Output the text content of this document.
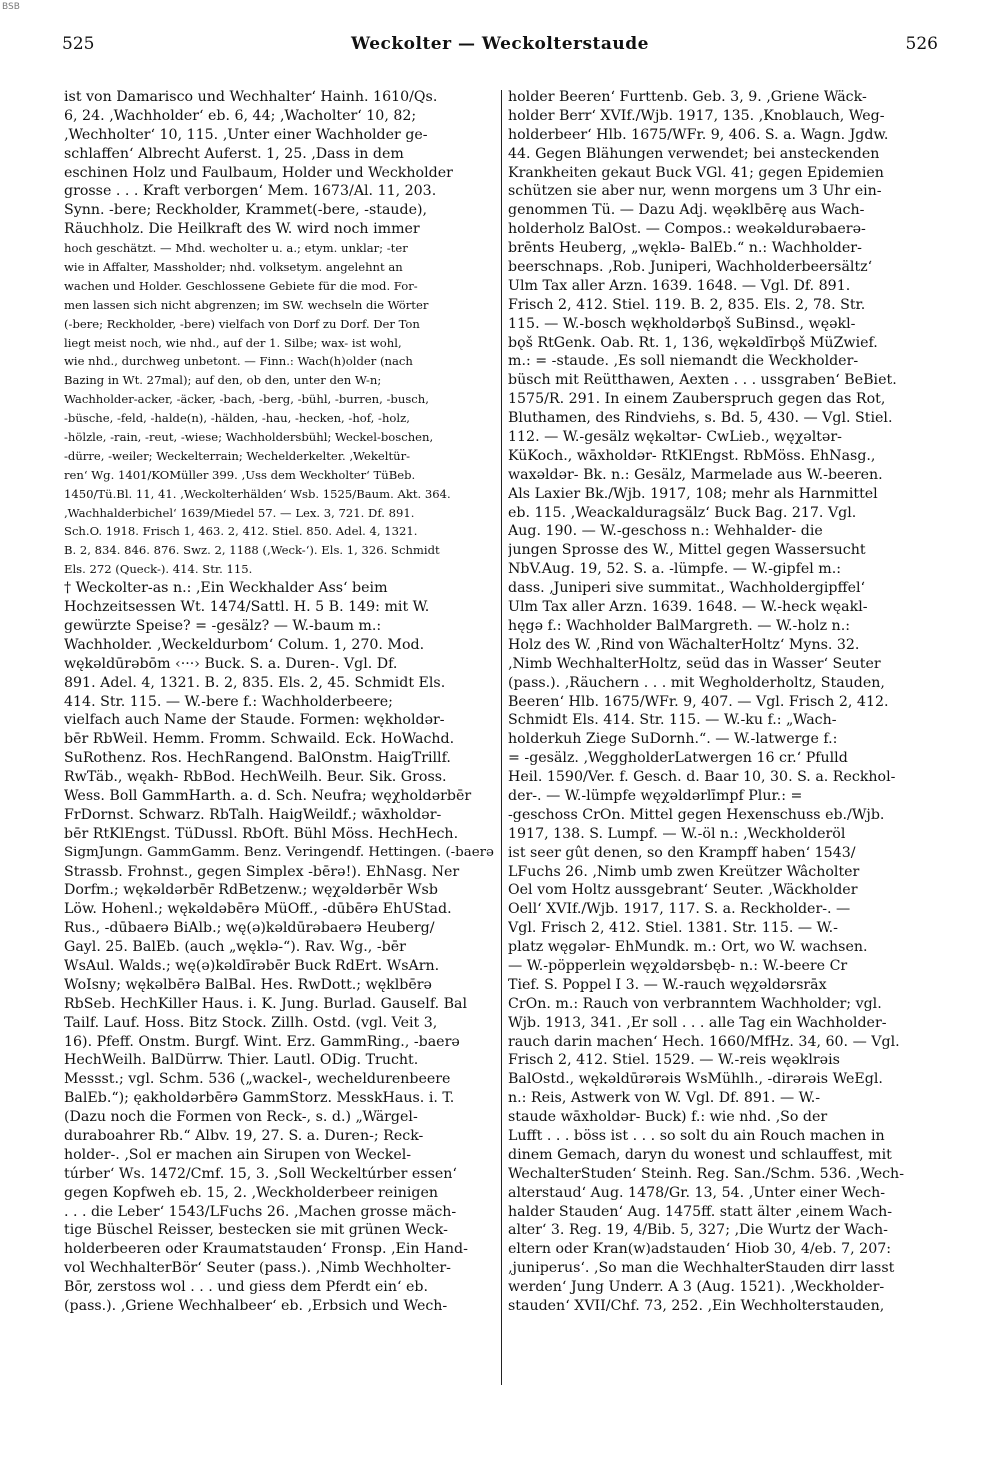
BSB
525	Weckolter — Weckolterstaude	526
ist von Damarisco und Wechhalter‘ Hainh. 1610/Qs.
6, 24. ‚Wachholder‘ eb. 6, 44; ‚Wacholter‘ 10, 82;
‚Wechholter‘ 10, 115. ‚Unter einer Wachholder ge-
schlaffen‘ Albrecht Auferst. 1, 25. ‚Dass in dem
eschinen Holz und Faulbaum, Holder und Weckholder
grosse . . . Kraft verborgen‘ Mem. 1673/Al. 11, 203.
Synn. -bere; Reckholder, Krammet(-bere, -staude),
Räuchholz. Die Heilkraft des W. wird noch immer
hoch geschätzt. — Mhd. wecholter u. a.; etym. unklar; -ter
wie in Affalter, Massholder; nhd. volksetym. angelehnt an
wachen und Holder. Geschlossene Gebiete für die mod. For-
men lassen sich nicht abgrenzen; im SW. wechseln die Wörter
(-bere; Reckholder, -bere) vielfach von Dorf zu Dorf. Der Ton
liegt meist noch, wie nhd., auf der 1. Silbe; wax- ist wohl,
wie nhd., durchweg unbetont. — Finn.: Wach(h)older (nach
Bazing in Wt. 27mal); auf den, ob den, unter den W-n;
Wachholder-acker, -äcker, -bach, -berg, -bühl, -burren, -busch,
-büsche, -feld, -halde(n), -hälden, -hau, -hecken, -hof, -holz,
-hölzle, -rain, -reut, -wiese; Wachholdersbühl; Weckel-boschen,
-dürre, -weiler; Weckelterrain; Wechelderkelter. ‚Wekeltür-
ren‘ Wg. 1401/KOMüller 399. ‚Uss dem Weckholter‘ TüBeb.
1450/Tü.Bl. 11, 41. ‚Weckolterhälden‘ Wsb. 1525/Baum. Akt. 364.
‚Wachhalderbichel‘ 1639/Miedel 57. — Lex. 3, 721. Df. 891.
Sch.O. 1918. Frisch 1, 463. 2, 412. Stiel. 850. Adel. 4, 1321.
B. 2, 834. 846. 876. Swz. 2, 1188 (‚Weck-‘). Els. 1, 326. Schmidt
Els. 272 (Queck-). 414. Str. 115.
† Weckolter-as n.: ‚Ein Weckhalder Ass‘ beim
Hochzeitsessen Wt. 1474/Sattl. H. 5 B. 149: mit W.
gewürzte Speise? = -gesälz? — W.-baum m.:
Wachholder. ‚Weckeldurbom‘ Colum. 1, 270. Mod.
wękəldūrəbōm ‹···› Buck. S. a. Duren-. Vgl. Df.
891. Adel. 4, 1321. B. 2, 835. Els. 2, 45. Schmidt Els.
414. Str. 115. — W.-bere f.: Wachholderbeere;
vielfach auch Name der Staude. Formen: wękholdər-
bēr RbWeil. Hemm. Fromm. Schwaild. Eck. HoWachd.
SuRothenz. Ros. HechRangend. BalOnstm. HaigTrillf.
RwTäb., węakh- RbBod. HechWeilh. Beur. Sik. Gross.
Wess. Boll GammHarth. a. d. Sch. Neufra; węχholdərbēr
FrDornst. Schwarz. RbTalh. HaigWeildf.; wāxholdər-
bēr RtKlEngst. TüDussl. RbOft. Bühl Möss. HechHech.
SigmJungn. GammGamm. Benz. Veringendf. Hettingen. (-baerə
Strassb. Frohnst., gegen Simplex -bērə!). EhNasg. Ner
Dorfm.; wękəldərbēr RdBetzenw.; węχəldərbēr Wsb
Löw. Hohenl.; wękəldəbērə MüOff., -dūbērə EhUStad.
Rus., -dūbaerə BiAlb.; wę(ə)kəldūrəbaerə Heuberg/
Gayl. 25. BalEb. (auch „węklə-“). Rav. Wg., -bēr
WsAul. Walds.; wę(ə)kəldīrəbēr Buck RdErt. WsArn.
WoIsny; wękəlbērə BalBal. Hes. RwDott.; węklbērə
RbSeb. HechKiller Haus. i. K. Jung. Burlad. Gauself. Bal
Tailf. Lauf. Hoss. Bitz Stock. Zillh. Ostd. (vgl. Veit 3,
16). Pfeff. Onstm. Burgf. Wint. Erz. GammRing., -baerə
HechWeilh. BalDürrw. Thier. Lautl. ODig. Trucht.
Messst.; vgl. Schm. 536 („wackel-, wecheldurenbeere
BalEb.“); ęakholdərbērə GammStorz. MesskHaus. i. T.
(Dazu noch die Formen von Reck-, s. d.) „Wärgel-
duraboahrer Rb.“ Albv. 19, 27. S. a. Duren-; Reck-
holder-. ‚Sol er machen ain Sirupen von Weckel-
túrber‘ Ws. 1472/Cmf. 15, 3. ‚Soll Weckeltúrber essen‘
gegen Kopfweh eb. 15, 2. ‚Weckholderbeer reinigen
. . . die Leber‘ 1543/LFuchs 26. ‚Machen grosse mäch-
tige Büschel Reisser, bestecken sie mit grünen Weck-
holderbeeren oder Kraumatstauden‘ Fronsp. ‚Ein Hand-
vol WechhalterBör‘ Seuter (pass.). ‚Nimb Wechholter-
Bōr, zerstoss wol . . . und giess dem Pferdt ein‘ eb.
(pass.). ‚Griene Wechhalbeer‘ eb. ‚Erbsich und Wech-
holder Beeren‘ Furttenb. Geb. 3, 9. ‚Griene Wäck-
holder Berr‘ XVIf./Wjb. 1917, 135. ‚Knoblauch, Weg-
holderbeer‘ Hlb. 1675/WFr. 9, 406. S. a. Wagn. Jgdw.
44. Gegen Blähungen verwendet; bei ansteckenden
Krankheiten gekaut Buck VGl. 41; gegen Epidemien
schützen sie aber nur, wenn morgens um 3 Uhr ein-
genommen Tü. — Dazu Adj. węəklbērę aus Wach-
holderholz BalOst. — Compos.: weəkəldurəbaerə-
brēnts Heuberg, „węklə- BalEb.“ n.: Wachholder-
beerschnaps. ‚Rob. Juniperi, Wachholderbeersältz‘
Ulm Tax aller Arzn. 1639. 1648. — Vgl. Df. 891.
Frisch 2, 412. Stiel. 119. B. 2, 835. Els. 2, 78. Str.
115. — W.-bosch wękholdərbǫš SuBinsd., węəkl-
bǫš RtGenk. Oab. Rt. 1, 136, wękəldīrbǫš MüZwief.
m.: = -staude. ‚Es soll niemandt die Weckholder-
büsch mit Reütthawen, Aexten . . . ussgraben‘ BeBiet.
1575/R. 291. In einem Zauberspruch gegen das Rot,
Bluthamen, des Rindviehs, s. Bd. 5, 430. — Vgl. Stiel.
112. — W.-gesälz wękəltər- CwLieb., węχəltər-
KüKoch., wāxholdər- RtKlEngst. RbMöss. EhNasg.,
waxəldər- Bk. n.: Gesälz, Marmelade aus W.-beeren.
Als Laxier Bk./Wjb. 1917, 108; mehr als Harnmittel
eb. 115. ‚Weackalduragsälz‘ Buck Bag. 217. Vgl.
Aug. 190. — W.-geschoss n.: Wehhalder- die
jungen Sprosse des W., Mittel gegen Wassersucht
NbV.Aug. 19, 52. S. a. -lümpfe. — W.-gipfel m.:
dass. ‚Juniperi sive summitat., Wachholdergipffel‘
Ulm Tax aller Arzn. 1639. 1648. — W.-heck węakl-
hęgə f.: Wachholder BalMargreth. — W.-holz n.:
Holz des W. ‚Rind von WächalterHoltz‘ Myns. 32.
‚Nimb WechhalterHoltz, seüd das in Wasser‘ Seuter
(pass.). ‚Räuchern . . . mit Wegholderholtz, Stauden,
Beeren‘ Hlb. 1675/WFr. 9, 407. — Vgl. Frisch 2, 412.
Schmidt Els. 414. Str. 115. — W.-ku f.: „Wach-
holderkuh Ziege SuDornh.“. — W.-latwerge f.:
= -gesälz. ‚WeggholderLatwergen 16 cr.‘ Pfulld
Heil. 1590/Ver. f. Gesch. d. Baar 10, 30. S. a. Reckhol-
der-. — W.-lümpfe węχəldərlīmpf Plur.: =
-geschoss CrOn. Mittel gegen Hexenschuss eb./Wjb.
1917, 138. S. Lumpf. — W.-öl n.: ‚Weckholderöl
ist seer gût denen, so den Krampff haben‘ 1543/
LFuchs 26. ‚Nimb umb zwen Kreützer Wâcholter
Oel vom Holtz aussgebrant‘ Seuter. ‚Wäckholder
Oell‘ XVIf./Wjb. 1917, 117. S. a. Reckholder-. —
Vgl. Frisch 2, 412. Stiel. 1381. Str. 115. — W.-
platz węgələr- EhMundk. m.: Ort, wo W. wachsen.
— W.-pöpperlein węχəldərsbęb- n.: W.-beere Cr
Tief. S. Poppel I 3. — W.-rauch węχəldərsrāx
CrOn. m.: Rauch von verbranntem Wachholder; vgl.
Wjb. 1913, 341. ‚Er soll . . . alle Tag ein Wachholder-
rauch darin machen‘ Hech. 1660/MfHz. 34, 60. — Vgl.
Frisch 2, 412. Stiel. 1529. — W.-reis węəklrəis
BalOstd., wękəldūrərəis WsMühlh., -dirərəis WeEgl.
n.: Reis, Astwerk von W. Vgl. Df. 891. — W.-
staude wāxholdər- Buck) f.: wie nhd. ‚So der
Lufft . . . böss ist . . . so solt du ain Rouch machen in
dinem Gemach, daryn du wonest und schlauffest, mit
WechalterStuden‘ Steinh. Reg. San./Schm. 536. ‚Wech-
alterstaud‘ Aug. 1478/Gr. 13, 54. ‚Unter einer Wech-
halder Stauden‘ Aug. 1475ff. statt älter ‚einem Wach-
alter‘ 3. Reg. 19, 4/Bib. 5, 327; ‚Die Wurtz der Wach-
eltern oder Kran(w)adstauden‘ Hiob 30, 4/eb. 7, 207:
‚juniperus‘. ‚So man die WechhalterStauden dirr lasst
werden‘ Jung Underr. A 3 (Aug. 1521). ‚Weckholder-
stauden‘ XVII/Chf. 73, 252. ‚Ein Wechholterstauden,
